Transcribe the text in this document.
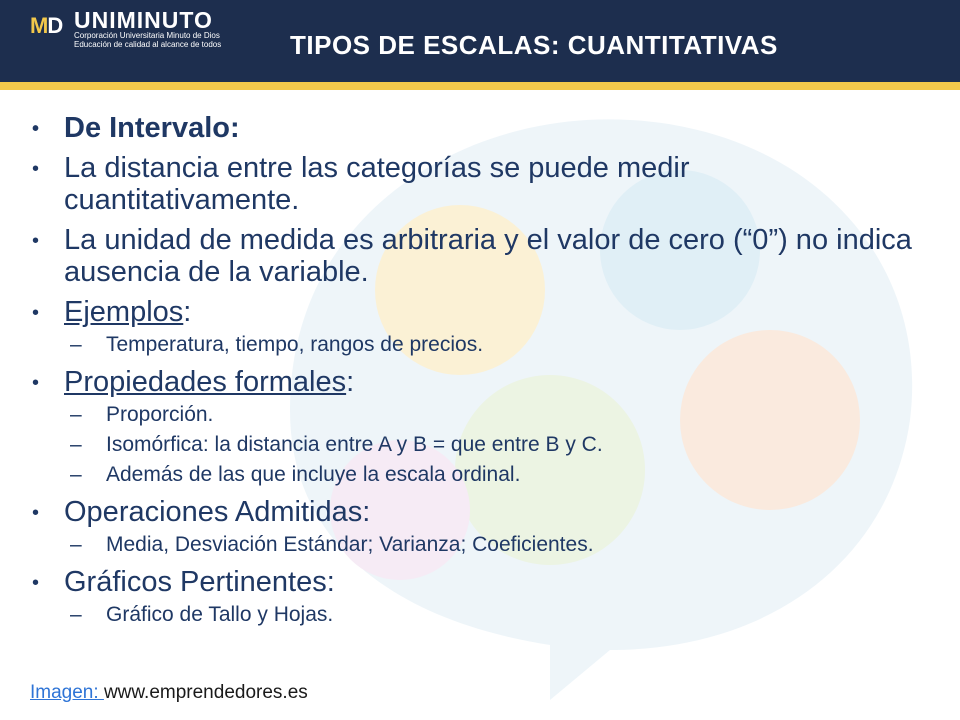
MD UNIMINUTO
Corporación Universitaria Minuto de Dios
Educación de calidad al alcance de todos	TIPOS DE ESCALAS: CUANTITATIVAS
• De Intervalo:
• La distancia entre las categorías se puede medir cuantitativamente.
• La unidad de medida es arbitraria y el valor de cero (“0”) no indica ausencia de la variable.
• Ejemplos:
– Temperatura, tiempo, rangos de precios.
• Propiedades formales:
– Proporción.
– Isomórfica: la distancia entre A y B = que entre B y C.
– Además de las que incluye la escala ordinal.
• Operaciones Admitidas:
– Media, Desviación Estándar; Varianza; Coeficientes.
• Gráficos Pertinentes:
– Gráfico de Tallo y Hojas.
Imagen: www.emprendedores.es
